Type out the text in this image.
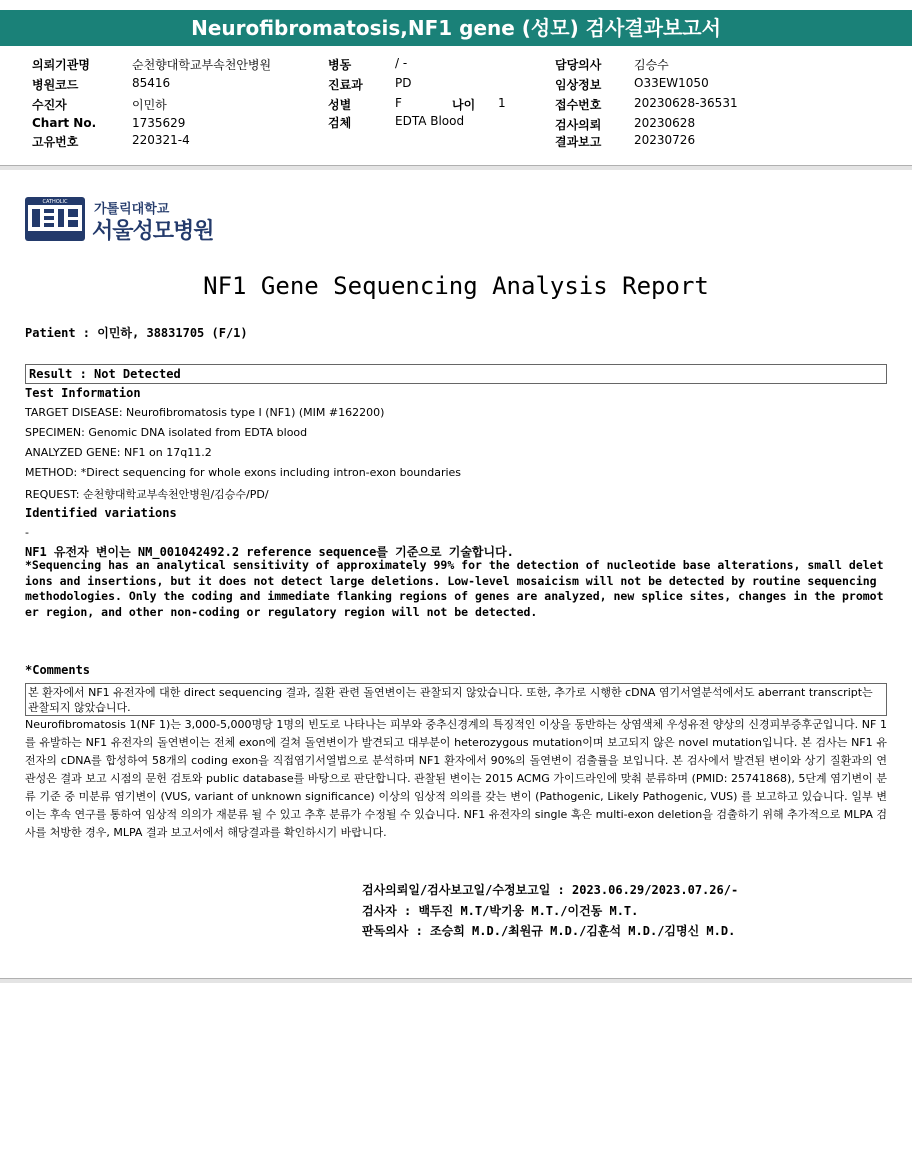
Neurofibromatosis,NF1 gene (성모) 검사결과보고서
의뢰기관명	순천향대학교부속천안병원
병원코드	85416
수진자	이민하
Chart No.	1735629
고유번호	220321-4
병동	/ -
진료과	PD
성별	F	나이 1
검체	EDTA Blood
담당의사	김승수
임상정보	O33EW1050
접수번호	20230628-36531
검사의뢰	20230628
결과보고	20230726
CATHOLIC 가톨릭대학교
서울성모병원
NF1 Gene Sequencing Analysis Report
Patient : 이민하, 38831705 (F/1)
Result : Not Detected
Test Information
TARGET DISEASE: Neurofibromatosis type I (NF1) (MIM #162200)
SPECIMEN: Genomic DNA isolated from EDTA blood
ANALYZED GENE: NF1 on 17q11.2
METHOD: *Direct sequencing for whole exons including intron-exon boundaries
REQUEST: 순천향대학교부속천안병원/김승수/PD/
Identified variations
-
NF1 유전자 변이는 NM_001042492.2 reference sequence를 기준으로 기술합니다.
*Sequencing has an analytical sensitivity of approximately 99% for the detection of nucleotide base alterations, small deletions and insertions, but it does not detect large deletions. Low-level mosaicism will not be detected by routine sequencing methodologies. Only the coding and immediate flanking regions of genes are analyzed, new splice sites, changes in the promoter region, and other non-coding or regulatory region will not be detected.
*Comments
본 환자에서 NF1 유전자에 대한 direct sequencing 결과, 질환 관련 돌연변이는 관찰되지 않았습니다. 또한, 추가로 시행한 cDNA 염기서열분석에서도 aberrant transcript는 관찰되지 않았습니다.
Neurofibromatosis 1(NF 1)는 3,000-5,000명당 1명의 빈도로 나타나는 피부와 중추신경계의 특징적인 이상을 동반하는 상염색체 우성유전 양상의 신경피부증후군입니다. NF 1를 유발하는 NF1 유전자의 돌연변이는 전체 exon에 걸쳐 돌연변이가 발견되고 대부분이 heterozygous mutation이며 보고되지 않은 novel mutation입니다. 본 검사는 NF1 유전자의 cDNA를 합성하여 58개의 coding exon을 직접염기서열법으로 분석하며 NF1 환자에서 90%의 돌연변이 검출률을 보입니다. 본 검사에서 발견된 변이와 상기 질환과의 연관성은 결과 보고 시점의 문헌 검토와 public database를 바탕으로 판단합니다. 관찰된 변이는 2015 ACMG 가이드라인에 맞춰 분류하며 (PMID: 25741868), 5단계 염기변이 분류 기준 중 미분류 염기변이 (VUS, variant of unknown significance) 이상의 임상적 의의를 갖는 변이 (Pathogenic, Likely Pathogenic, VUS) 를 보고하고 있습니다. 일부 변이는 후속 연구를 통하여 임상적 의의가 재분류 될 수 있고 추후 분류가 수정될 수 있습니다. NF1 유전자의 single 혹은 multi-exon deletion을 검출하기 위해 추가적으로 MLPA 검사를 처방한 경우, MLPA 결과 보고서에서 해당결과를 확인하시기 바랍니다.
검사의뢰일/검사보고일/수정보고일 : 2023.06.29/2023.07.26/-
검사자 : 백두진 M.T/박기웅 M.T./이건동 M.T.
판독의사 : 조승희 M.D./최원규 M.D./김훈석 M.D./김명신 M.D.
